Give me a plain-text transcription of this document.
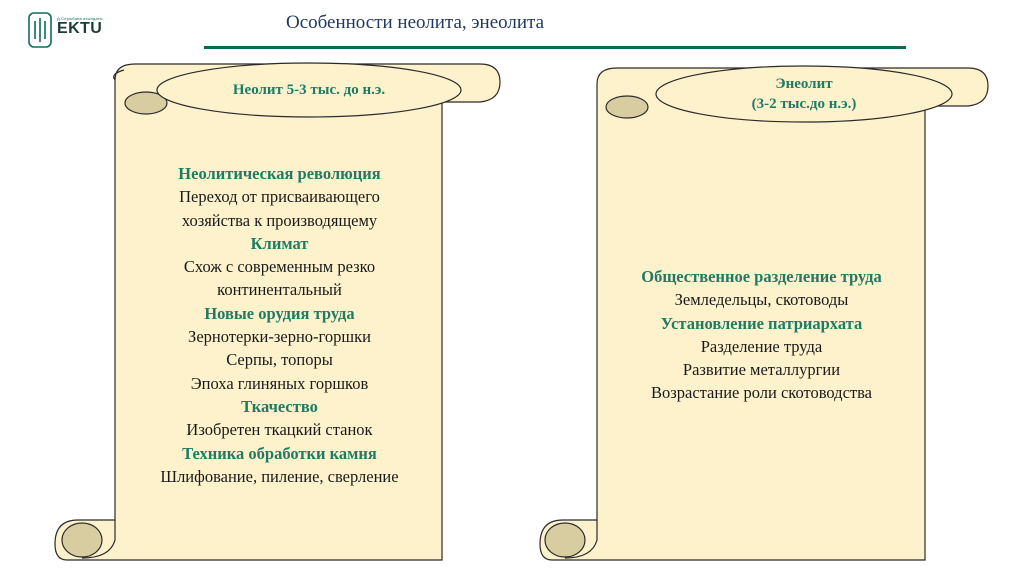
Д.Серікбаев атындағы
EKTU	Особенности неолита, энеолита
Неолит 5-3 тыс. до н.э.	Энеолит
(3-2 тыс.до н.э.)
Неолитическая революция
Переход от присваивающего
хозяйства к производящему
Климат
Схож с современным резко
континентальный
Новые орудия труда
Зернотерки-зерно-горшки
Серпы, топоры
Эпоха глиняных горшков
Ткачество
Изобретен ткацкий станок
Техника обработки камня
Шлифование, пиление, сверление
Общественное разделение труда
Земледельцы, скотоводы
Установление патриархата
Разделение труда
Развитие металлургии
Возрастание роли скотоводства
